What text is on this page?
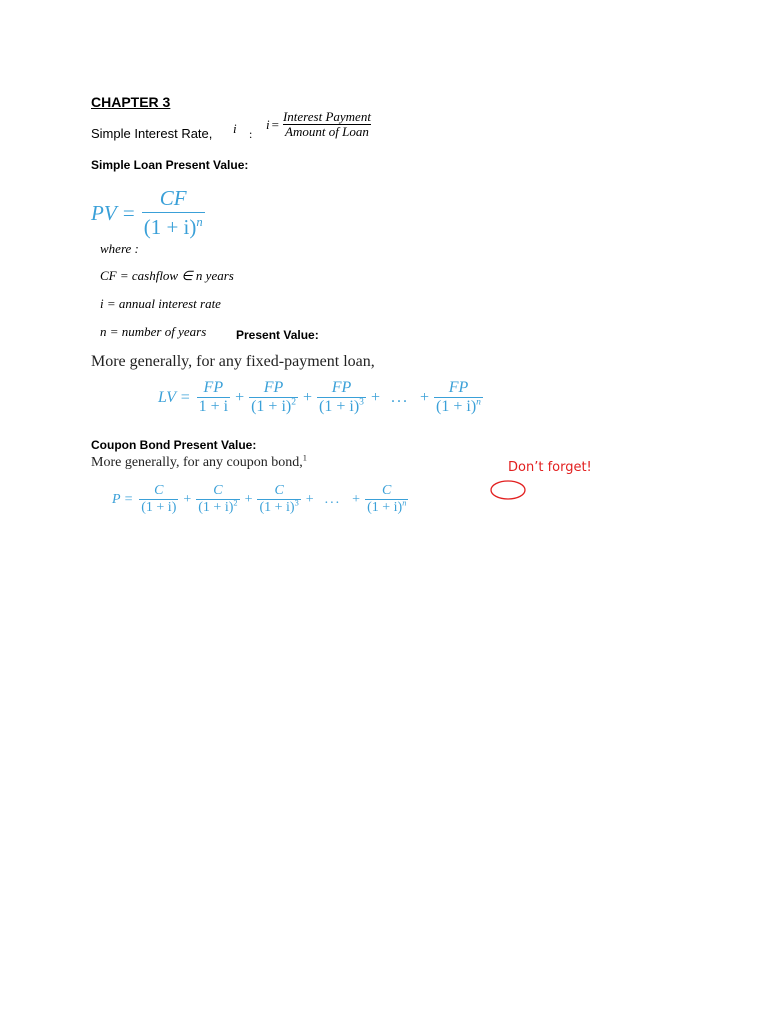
CHAPTER 3
Simple Interest Rate, i :
$i = \frac{\text{Interest Payment}}{\text{Amount of Loan}}$
Simple Loan Present Value:
PV = $\frac{CF}{(1 + i)^n}$
where :
CF = cashflow ∈ n years
i = annual interest rate
n = number of years Present Value:
More generally, for any fixed-payment loan,
LV = $\frac{FP}{1 + i} + \frac{FP}{(1 + i)^2} + \frac{FP}{(1 + i)^3}$ + ... + $\frac{FP}{(1 + i)^n}$
Coupon Bond Present Value:
More generally, for any coupon bond,$^1$
Don’t forget!
$P = \frac{C}{(1 + i)} + \frac{C}{(1 + i)^2} + \frac{C}{(1 + i)^3}$ + ... + $\frac{C}{(1 + i)^n}$
